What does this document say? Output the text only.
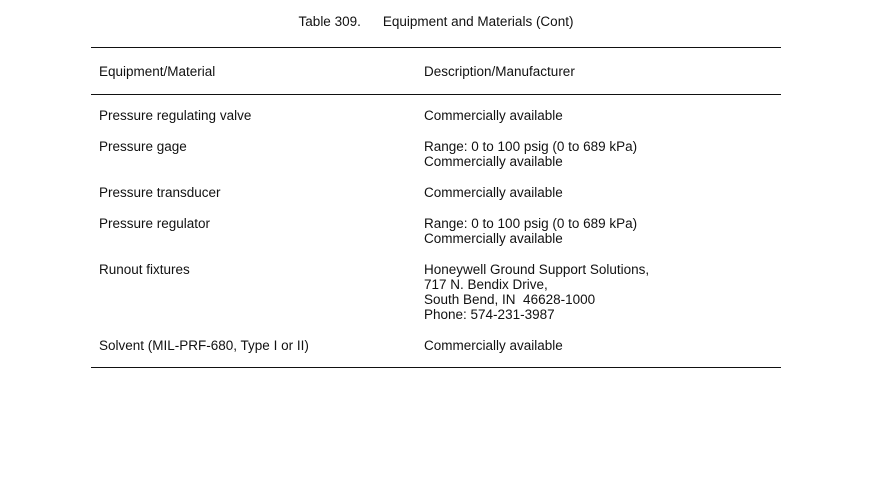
Table 309. Equipment and Materials (Cont)
Equipment/Material	Description/Manufacturer
Pressure regulating valve	Commercially available
Pressure gage	Range: 0 to 100 psig (0 to 689 kPa)
Commercially available
Pressure transducer	Commercially available
Pressure regulator	Range: 0 to 100 psig (0 to 689 kPa)
Commercially available
Runout fixtures	Honeywell Ground Support Solutions,
717 N. Bendix Drive,
South Bend, IN  46628-1000
Phone: 574-231-3987
Solvent (MIL-PRF-680, Type I or II)	Commercially available
